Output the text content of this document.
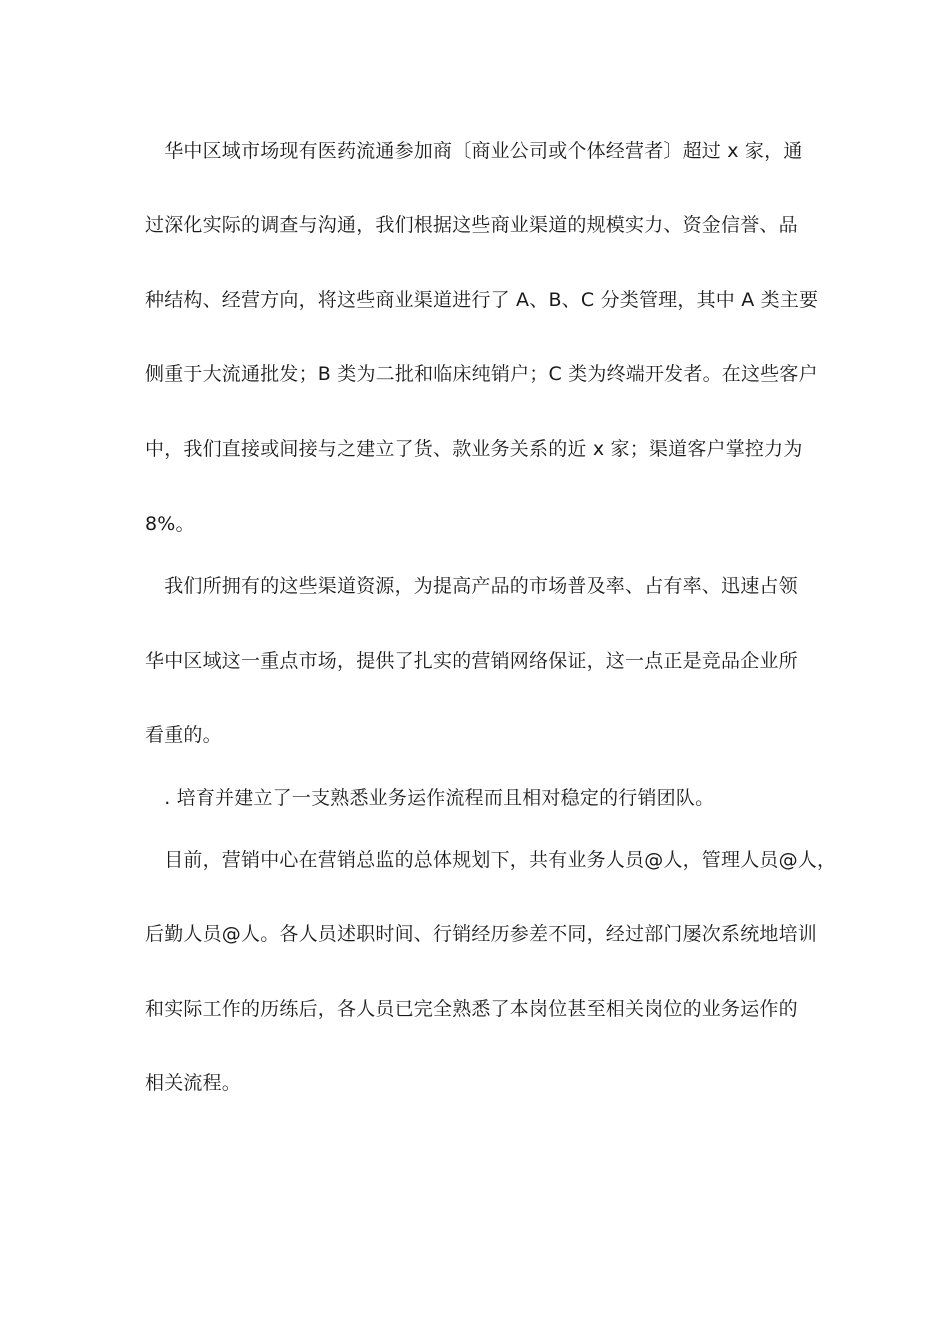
　华中区域市场现有医药流通参加商〔商业公司或个体经营者〕超过 x 家，通
过深化实际的调查与沟通，我们根据这些商业渠道的规模实力、资金信誉、品
种结构、经营方向，将这些商业渠道进行了 A、B、C 分类管理，其中 A 类主要
侧重于大流通批发；B 类为二批和临床纯销户；C 类为终端开发者。在这些客户
中，我们直接或间接与之建立了货、款业务关系的近 x 家；渠道客户掌控力为
8%。
　我们所拥有的这些渠道资源，为提高产品的市场普及率、占有率、迅速占领
华中区域这一重点市场，提供了扎实的营销网络保证，这一点正是竞品企业所
看重的。
　. 培育并建立了一支熟悉业务运作流程而且相对稳定的行销团队。
　目前，营销中心在营销总监的总体规划下，共有业务人员@人，管理人员@人，
后勤人员@人。各人员述职时间、行销经历参差不同，经过部门屡次系统地培训
和实际工作的历练后，各人员已完全熟悉了本岗位甚至相关岗位的业务运作的
相关流程。
